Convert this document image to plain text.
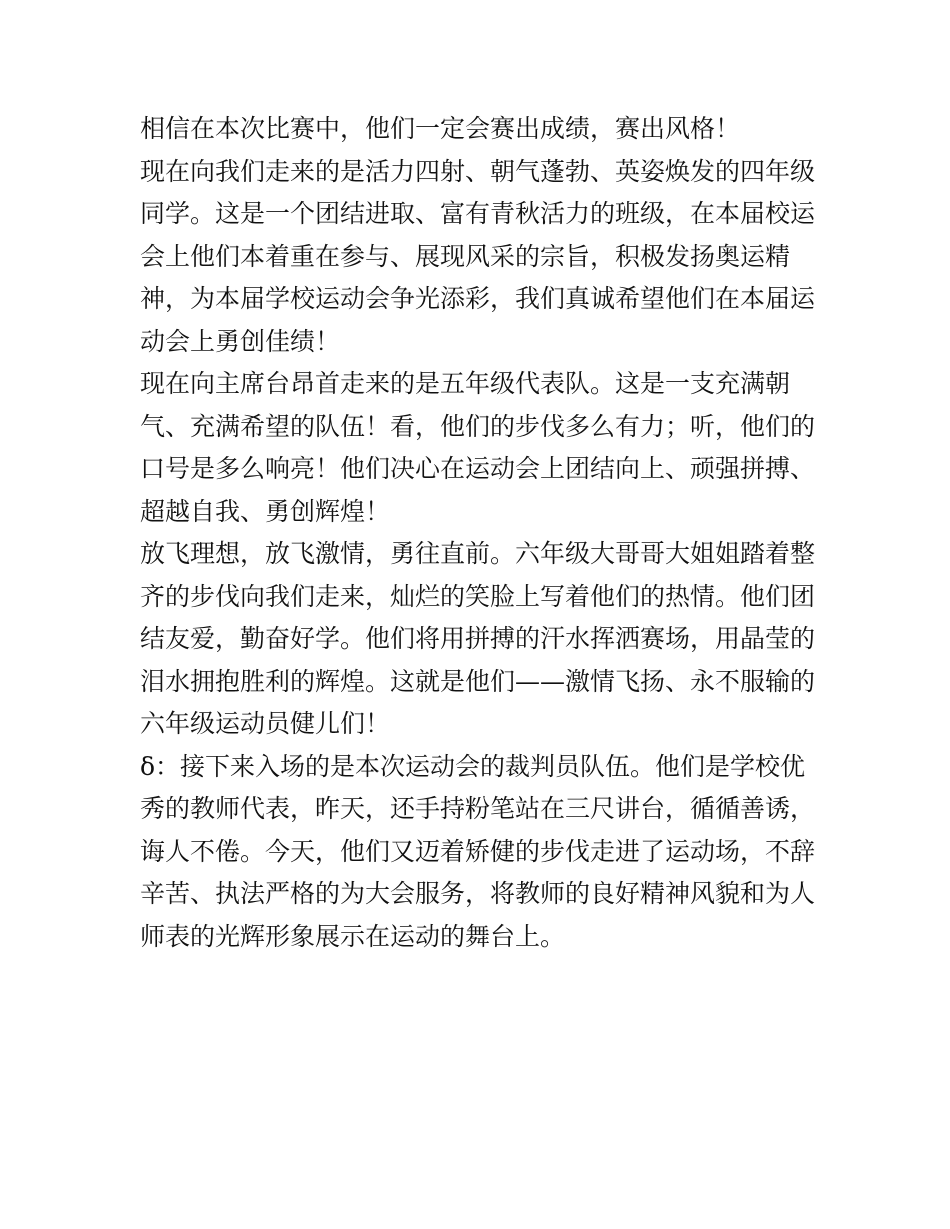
相信在本次比赛中，他们一定会赛出成绩，赛出风格！
现在向我们走来的是活力四射、朝气蓬勃、英姿焕发的四年级
同学。这是一个团结进取、富有青秋活力的班级，在本届校运
会上他们本着重在参与、展现风采的宗旨，积极发扬奥运精
神，为本届学校运动会争光添彩，我们真诚希望他们在本届运
动会上勇创佳绩！
现在向主席台昂首走来的是五年级代表队。这是一支充满朝
气、充满希望的队伍！看，他们的步伐多么有力；听，他们的
口号是多么响亮！他们决心在运动会上团结向上、顽强拼搏、
超越自我、勇创辉煌！
放飞理想，放飞激情，勇往直前。六年级大哥哥大姐姐踏着整
齐的步伐向我们走来，灿烂的笑脸上写着他们的热情。他们团
结友爱，勤奋好学。他们将用拼搏的汗水挥洒赛场，用晶莹的
泪水拥抱胜利的辉煌。这就是他们——激情飞扬、永不服输的
六年级运动员健儿们！
δ：接下来入场的是本次运动会的裁判员队伍。他们是学校优
秀的教师代表，昨天，还手持粉笔站在三尺讲台，循循善诱，
诲人不倦。今天，他们又迈着矫健的步伐走进了运动场，不辞
辛苦、执法严格的为大会服务，将教师的良好精神风貌和为人
师表的光辉形象展示在运动的舞台上。
